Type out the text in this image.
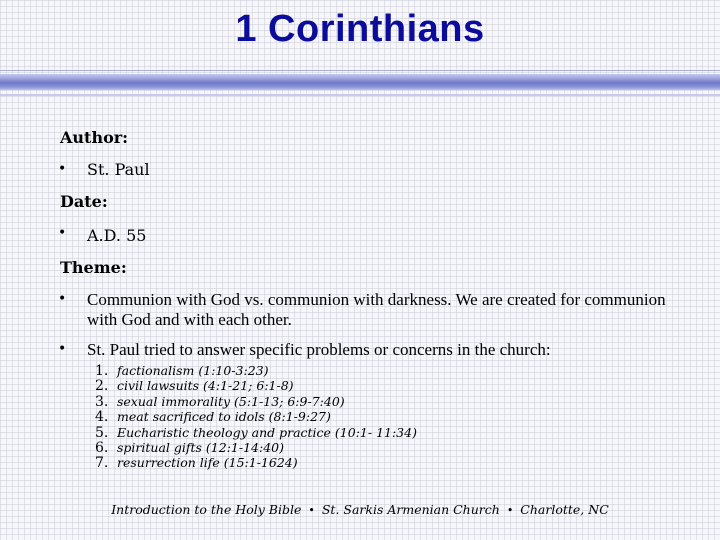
1 Corinthians
Author:
• St. Paul
Date:
• A.D. 55
Theme:
• Communion with God vs. communion with darkness. We are created for communion with God and with each other.
• St. Paul tried to answer specific problems or concerns in the church:
1. factionalism (1:10-3:23)
2. civil lawsuits (4:1-21; 6:1-8)
3. sexual immorality (5:1-13; 6:9-7:40)
4. meat sacrificed to idols (8:1-9:27)
5. Eucharistic theology and practice (10:1- 11:34)
6. spiritual gifts (12:1-14:40)
7. resurrection life (15:1-1624)
Introduction to the Holy Bible • St. Sarkis Armenian Church • Charlotte, NC
